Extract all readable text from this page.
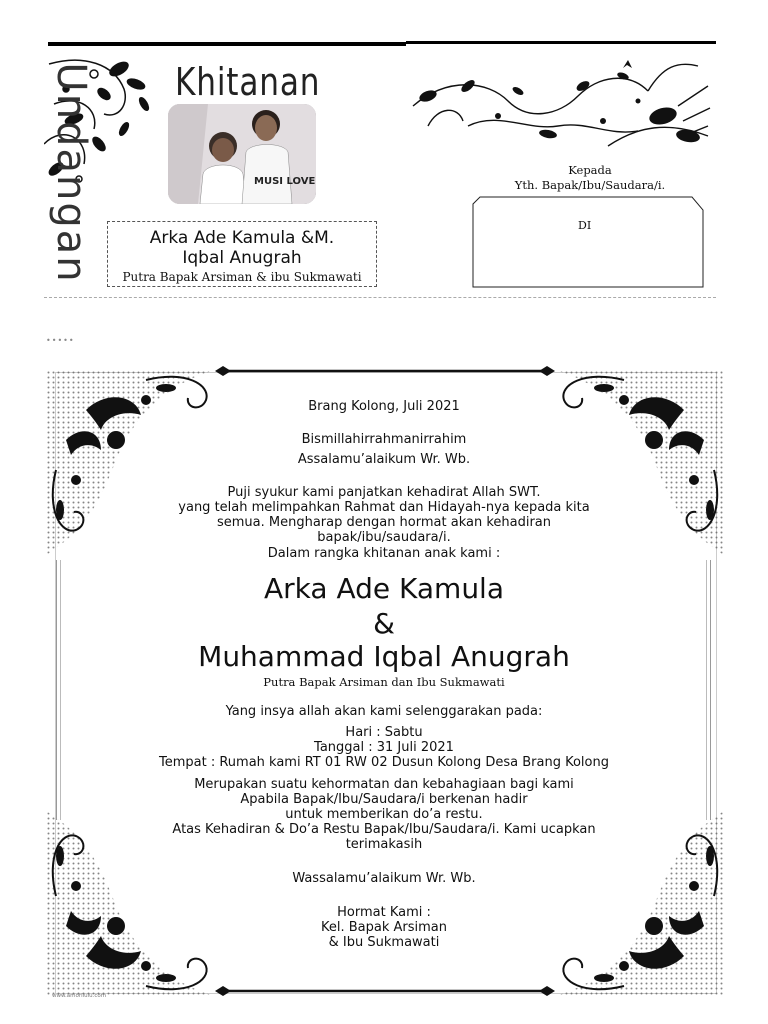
Undangan Khitanan
MUSI LOVE
Arka Ade Kamula &M.
Iqbal Anugrah
Putra Bapak Arsiman & ibu Sukmawati
Kepada
Yth. Bapak/Ibu/Saudara/i.
DI
•••••
Brang Kolong, Juli 2021
Bismillahirrahmanirrahim
Assalamu’alaikum Wr. Wb.
Puji syukur kami panjatkan kehadirat Allah SWT.
yang telah melimpahkan Rahmat dan Hidayah-nya kepada kita
semua. Mengharap dengan hormat akan kehadiran
bapak/ibu/saudara/i.
Dalam rangka khitanan anak kami :
Arka Ade Kamula
&
Muhammad Iqbal Anugrah
Putra Bapak Arsiman dan Ibu Sukmawati
Yang insya allah akan kami selenggarakan pada:
Hari : Sabtu
Tanggal : 31 Juli 2021
Tempat : Rumah kami RT 01 RW 02 Dusun Kolong Desa Brang Kolong
Merupakan suatu kehormatan dan kebahagiaan bagi kami
Apabila Bapak/Ibu/Saudara/i berkenan hadir
untuk memberikan do’a restu.
Atas Kehadiran & Do’a Restu Bapak/Ibu/Saudara/i. Kami ucapkan
terimakasih
Wassalamu’alaikum Wr. Wb.
Hormat Kami :
Kel. Bapak Arsiman
& Ibu Sukmawati
www.amorilulu.com
